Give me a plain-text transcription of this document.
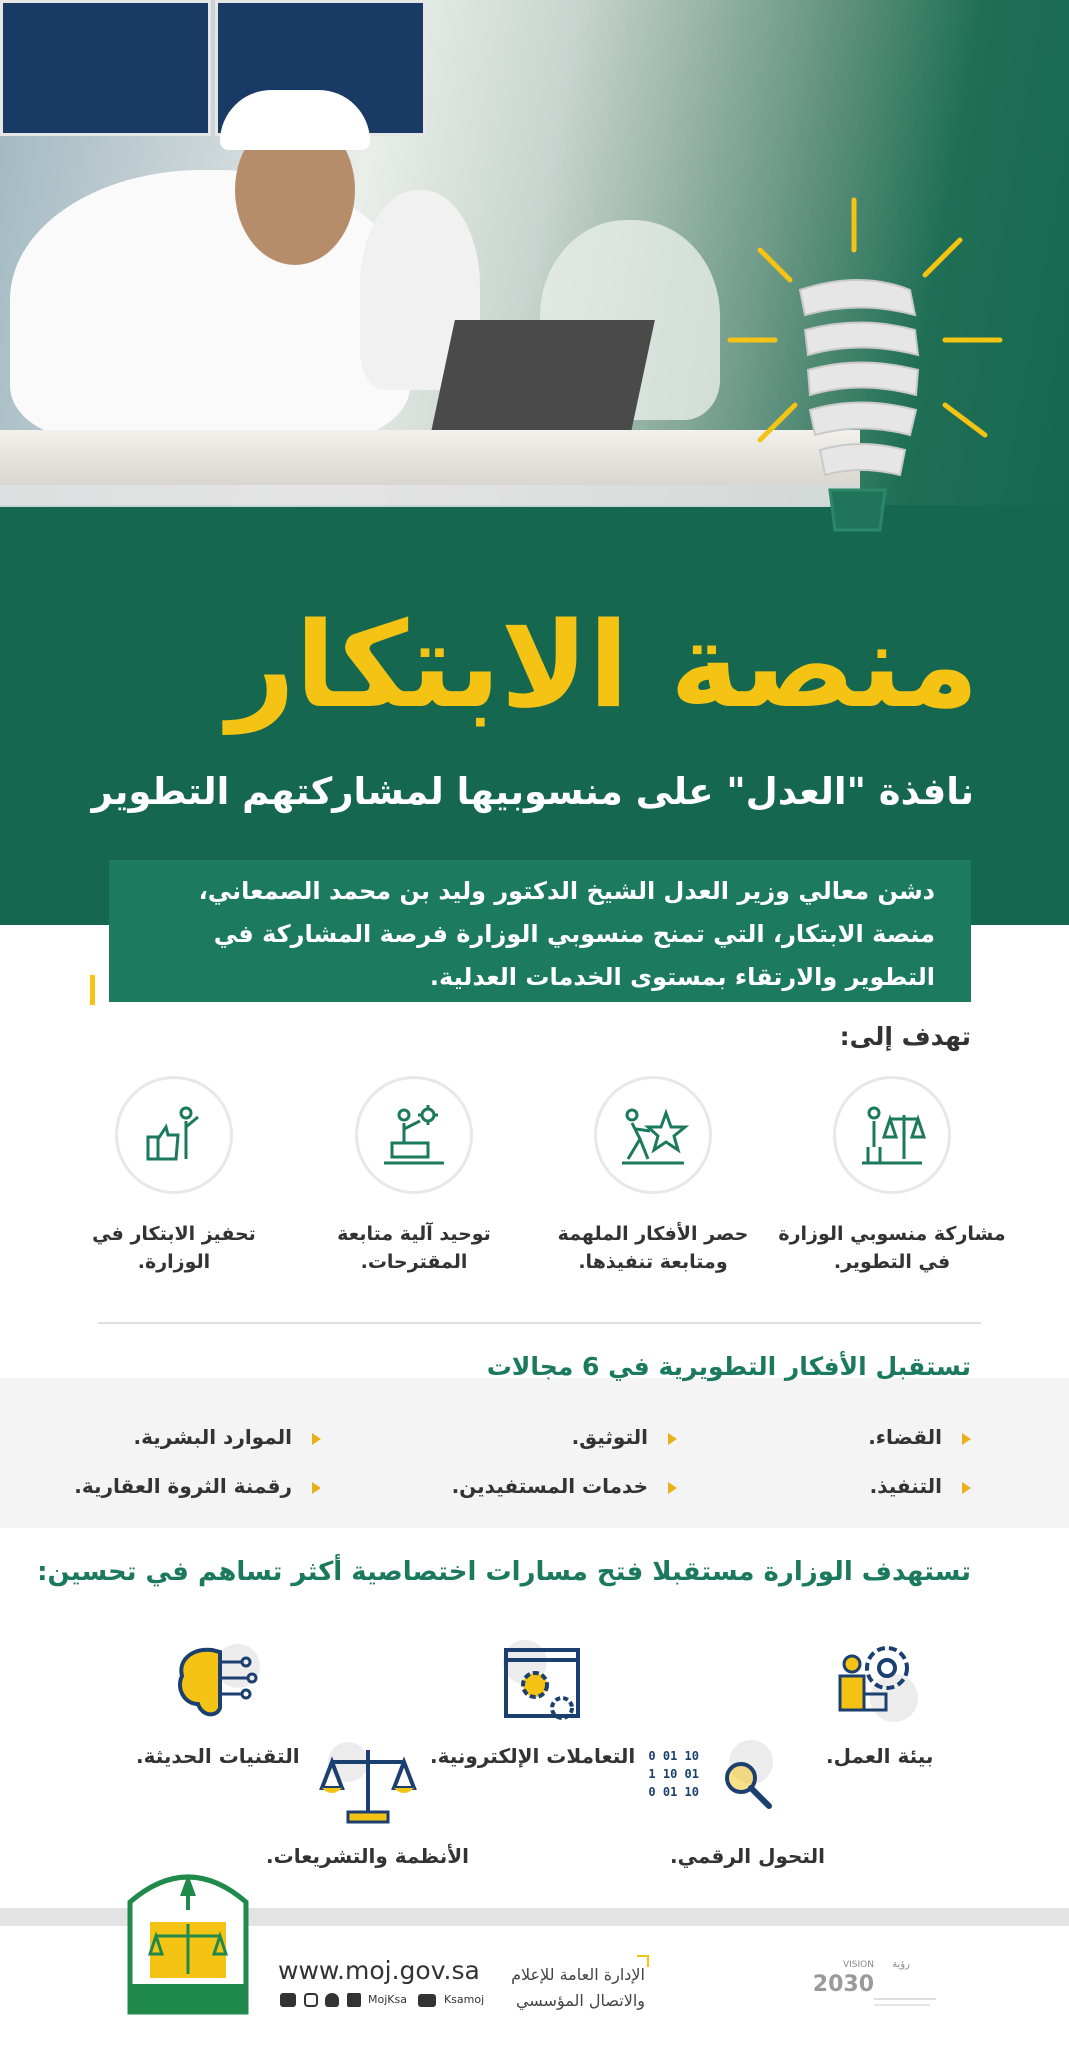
منصة الابتكار
نافذة "العدل" على منسوبيها لمشاركتهم التطوير
دشن معالي وزير العدل الشيخ الدكتور وليد بن محمد الصمعاني، منصة الابتكار، التي تمنح منسوبي الوزارة فرصة المشاركة في التطوير والارتقاء بمستوى الخدمات العدلية.
تهدف إلى:
مشاركة منسوبي الوزارة في التطوير.
حصر الأفكار الملهمة ومتابعة تنفيذها.
توحيد آلية متابعة المقترحات.
تحفيز الابتكار في الوزارة.
تستقبل الأفكار التطويرية في 6 مجالات
القضاء.
التوثيق.
الموارد البشرية.
التنفيذ.
خدمات المستفيدين.
رقمنة الثروة العقارية.
تستهدف الوزارة مستقبلا فتح مسارات اختصاصية أكثر تساهم في تحسين:
10 01 0
01 10 1
10 01 0
بيئة العمل.
التعاملات الإلكترونية.
التقنيات الحديثة.
التحول الرقمي.
الأنظمة والتشريعات.
www.moj.gov.sa
MojKsa	Ksamoj
الإدارة العامة للإعلام
والاتصال المؤسسي
VISION رؤية
2030
